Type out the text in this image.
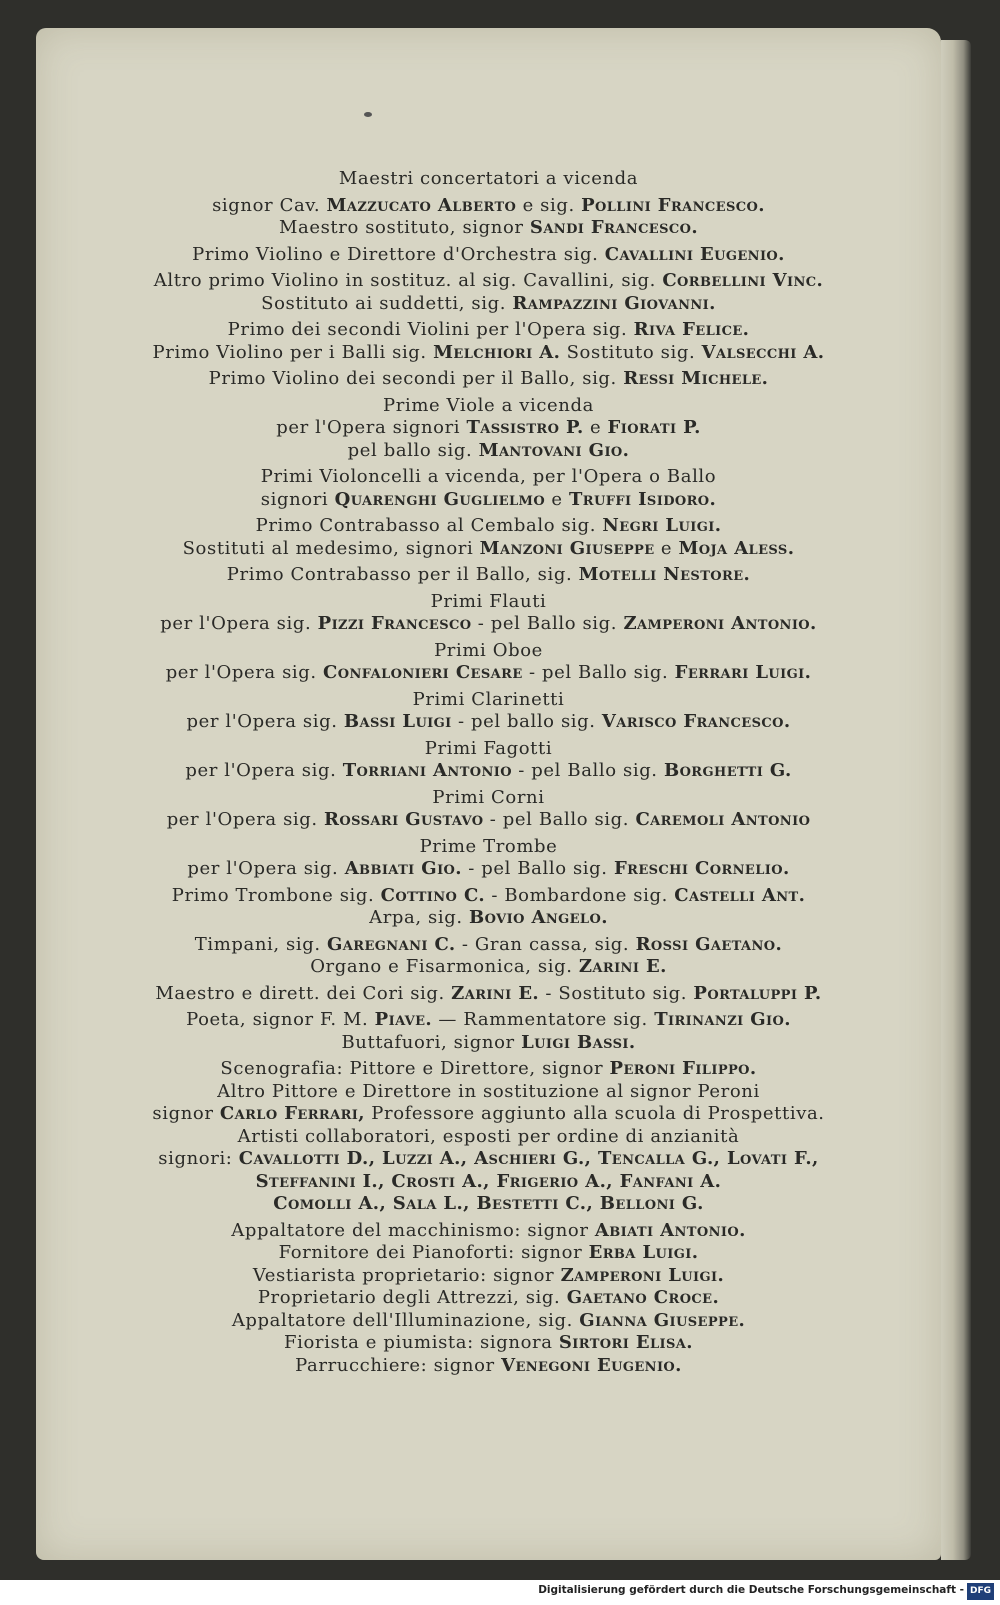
Maestri concertatori a vicenda
signor Cav. Mazzucato Alberto e sig. Pollini Francesco.
Maestro sostituto, signor Sandi Francesco.
Primo Violino e Direttore d'Orchestra sig. Cavallini Eugenio.
Altro primo Violino in sostituz. al sig. Cavallini, sig. Corbellini Vinc.
Sostituto ai suddetti, sig. Rampazzini Giovanni.
Primo dei secondi Violini per l'Opera sig. Riva Felice.
Primo Violino per i Balli sig. Melchiori A. Sostituto sig. Valsecchi A.
Primo Violino dei secondi per il Ballo, sig. Ressi Michele.
Prime Viole a vicenda
per l'Opera signori Tassistro P. e Fiorati P.
pel ballo sig. Mantovani Gio.
Primi Violoncelli a vicenda, per l'Opera o Ballo
signori Quarenghi Guglielmo e Truffi Isidoro.
Primo Contrabasso al Cembalo sig. Negri Luigi.
Sostituti al medesimo, signori Manzoni Giuseppe e Moja Aless.
Primo Contrabasso per il Ballo, sig. Motelli Nestore.
Primi Flauti
per l'Opera sig. Pizzi Francesco - pel Ballo sig. Zamperoni Antonio.
Primi Oboe
per l'Opera sig. Confalonieri Cesare - pel Ballo sig. Ferrari Luigi.
Primi Clarinetti
per l'Opera sig. Bassi Luigi - pel ballo sig. Varisco Francesco.
Primi Fagotti
per l'Opera sig. Torriani Antonio - pel Ballo sig. Borghetti G.
Primi Corni
per l'Opera sig. Rossari Gustavo - pel Ballo sig. Caremoli Antonio
Prime Trombe
per l'Opera sig. Abbiati Gio. - pel Ballo sig. Freschi Cornelio.
Primo Trombone sig. Cottino C. - Bombardone sig. Castelli Ant.
Arpa, sig. Bovio Angelo.
Timpani, sig. Garegnani C. - Gran cassa, sig. Rossi Gaetano.
Organo e Fisarmonica, sig. Zarini E.
Maestro e dirett. dei Cori sig. Zarini E. - Sostituto sig. Portaluppi P.
Poeta, signor F. M. Piave. — Rammentatore sig. Tirinanzi Gio.
Buttafuori, signor Luigi Bassi.
Scenografia: Pittore e Direttore, signor Peroni Filippo.
Altro Pittore e Direttore in sostituzione al signor Peroni
signor Carlo Ferrari, Professore aggiunto alla scuola di Prospettiva.
Artisti collaboratori, esposti per ordine di anzianità
signori: Cavallotti D., Luzzi A., Aschieri G., Tencalla G., Lovati F.,
Steffanini I., Crosti A., Frigerio A., Fanfani A.
Comolli A., Sala L., Bestetti C., Belloni G.
Appaltatore del macchinismo: signor Abiati Antonio.
Fornitore dei Pianoforti: signor Erba Luigi.
Vestiarista proprietario: signor Zamperoni Luigi.
Proprietario degli Attrezzi, sig. Gaetano Croce.
Appaltatore dell'Illuminazione, sig. Gianna Giuseppe.
Fiorista e piumista: signora Sirtori Elisa.
Parrucchiere: signor Venegoni Eugenio.
Digitalisierung gefördert durch die Deutsche Forschungsgemeinschaft - DFG
